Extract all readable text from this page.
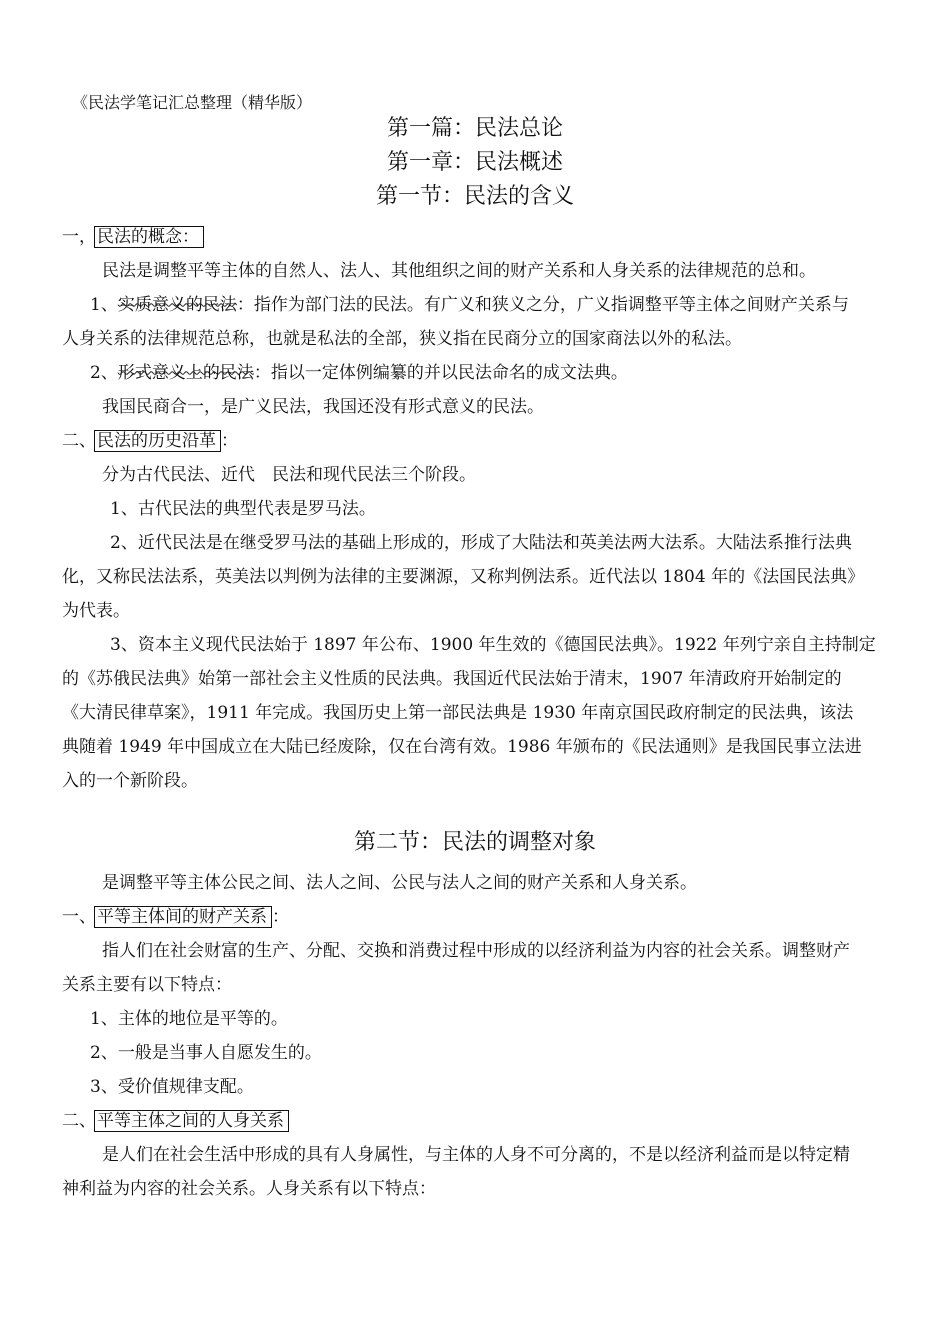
《民法学笔记汇总整理（精华版）
第一篇：民法总论
第一章：民法概述
第一节：民法的含义
一，民法的概念：
民法是调整平等主体的自然人、法人、其他组织之间的财产关系和人身关系的法律规范的总和。
1、实质意义的民法：指作为部门法的民法。有广义和狭义之分，广义指调整平等主体之间财产关系与
人身关系的法律规范总称，也就是私法的全部，狭义指在民商分立的国家商法以外的私法。
2、形式意义上的民法：指以一定体例编纂的并以民法命名的成文法典。
我国民商合一，是广义民法，我国还没有形式意义的民法。
二、民法的历史沿革 ：
分为古代民法、近代　民法和现代民法三个阶段。
1、古代民法的典型代表是罗马法。
2、近代民法是在继受罗马法的基础上形成的，形成了大陆法和英美法两大法系。大陆法系推行法典
化，又称民法法系，英美法以判例为法律的主要渊源，又称判例法系。近代法以 1804 年的《法国民法典》
为代表。
3、资本主义现代民法始于 1897 年公布、1900 年生效的《德国民法典》。1922 年列宁亲自主持制定
的《苏俄民法典》始第一部社会主义性质的民法典。我国近代民法始于清末，1907 年清政府开始制定的
《大清民律草案》，1911 年完成。我国历史上第一部民法典是 1930 年南京国民政府制定的民法典，该法
典随着 1949 年中国成立在大陆已经废除，仅在台湾有效。1986 年颁布的《民法通则》是我国民事立法进
入的一个新阶段。
第二节：民法的调整对象
是调整平等主体公民之间、法人之间、公民与法人之间的财产关系和人身关系。
一、平等主体间的财产关系 ：
指人们在社会财富的生产、分配、交换和消费过程中形成的以经济利益为内容的社会关系。调整财产
关系主要有以下特点：
1、主体的地位是平等的。
2、一般是当事人自愿发生的。
3、受价值规律支配。
二、平等主体之间的人身关系
是人们在社会生活中形成的具有人身属性，与主体的人身不可分离的，不是以经济利益而是以特定精
神利益为内容的社会关系。人身关系有以下特点：
